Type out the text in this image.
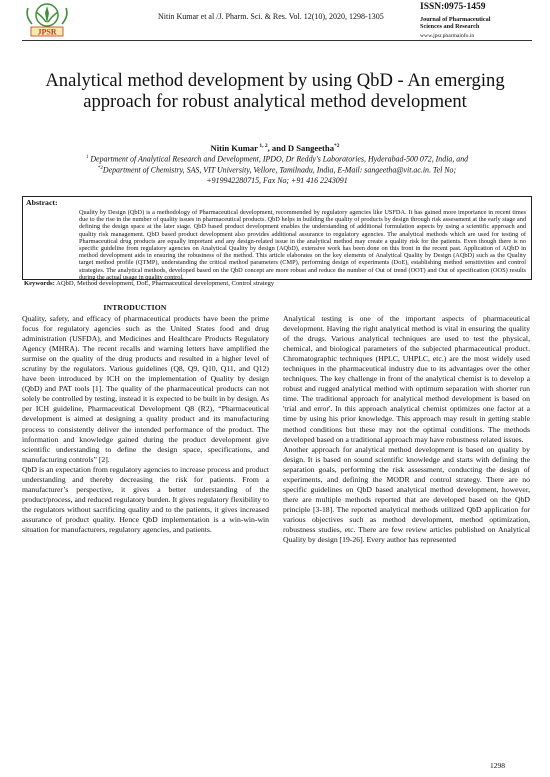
JPSR
Nitin Kumar et al /J. Pharm. Sci. & Res. Vol. 12(10), 2020, 1298-1305
ISSN:0975-1459
Journal of Pharmaceutical
Sciences and Research
www.jpsr.pharmainfo.in
Analytical method development by using QbD - An emerging approach for robust analytical method development
Nitin Kumar $^{1, 2}$, and D Sangeetha$^{*2}$
$^1$ Department of Analytical Research and Development, IPDO, Dr Reddy's Laboratories, Hyderabad-500 072, India, and
$^{*2}$Department of Chemistry, SAS, VIT University, Vellore, Tamilnadu, India, E-Mail: sangeetha@vit.ac.in. Tel No;
+919942280715, Fax No; +91 416 2243091
Abstract:
Quality by Design (QbD) is a methodology of Pharmaceutical development, recommended by regulatory agencies like USFDA. It has gained more importance in recent times due to the rise in the number of quality issues in pharmaceutical products. QbD helps in building the quality of products by design through risk assessment at the early stage and defining the design space at the later stage. QbD based product development enables the understanding of additional formulation aspects by using a scientific approach and quality risk management. QbD based product development also provides additional assurance to regulatory agencies. The analytical methods which are used for testing of Pharmaceutical drug products are equally important and any design-related issue in the analytical method may create a quality risk for the patients. Even though there is no specific guideline from regulatory agencies on Analytical Quality by design (AQbD), extensive work has been done on this front in the recent past. Application of AQbD in method development aids in ensuring the robustness of the method. This article elaborates on the key elements of Analytical Quality by Design (AQbD) such as the Quality target method profile (QTMP), understanding the critical method parameters (CMP), performing design of experiments (DoE), establishing method sensitivities and control strategies. The analytical methods, developed based on the QbD concept are more robust and reduce the number of Out of trend (OOT) and Out of specification (OOS) results during the actual usage in quality control.
Keywords: AQbD, Method development, DoE, Pharmaceutical development, Control strategy
INTRODUCTION

Quality, safety, and efficacy of pharmaceutical products have been the prime focus for regulatory agencies such as the United States food and drug administration (USFDA), and Medicines and Healthcare Products Regulatory Agency (MHRA). The recent recalls and warning letters have amplified the surmise on the quality of the drug products and resulted in a higher level of scrutiny by the regulators. Various guidelines (Q8, Q9, Q10, Q11, and Q12) have been introduced by ICH on the implementation of Quality by design (QbD) and PAT tools [1]. The quality of the pharmaceutical products can not solely be controlled by testing, instead it is expected to be built in by design. As per ICH guideline, Pharmaceutical Development Q8 (R2), “Pharmaceutical development is aimed at designing a quality product and its manufacturing process to consistently deliver the intended performance of the product. The information and knowledge gained during the product development give scientific understanding to define the design space, specifications, and manufacturing controls” [2].

QbD is an expectation from regulatory agencies to increase process and product understanding and thereby decreasing the risk for patients. From a manufacturer’s perspective, it gives a better understanding of the product/process, and reduced regulatory burden. It gives regulatory flexibility to the regulators without sacrificing quality and to the patients, it gives increased assurance of product quality. Hence QbD implementation is a win-win-win situation for manufacturers, regulatory agencies, and patients.

Analytical testing is one of the important aspects of pharmaceutical development. Having the right analytical method is vital in ensuring the quality of the drugs. Various analytical techniques are used to test the physical, chemical, and biological parameters of the subjected pharmaceutical product. Chromatographic techniques (HPLC, UHPLC, etc.) are the most widely used techniques in the pharmaceutical industry due to its advantages over the other techniques. The key challenge in front of the analytical chemist is to develop a robust and rugged analytical method with optimum separation with shorter run time. The traditional approach for analytical method development is based on 'trial and error'. In this approach analytical chemist optimizes one factor at a time by using his prior knowledge. This approach may result in getting stable method conditions but these may not the optimal conditions. The methods developed based on a traditional approach may have robustness related issues.

Another approach for analytical method development is based on quality by design. It is based on sound scientific knowledge and starts with defining the separation goals, performing the risk assessment, conducting the design of experiments, and defining the MODR and control strategy. There are no specific guidelines on QbD based analytical method development, however, there are multiple methods reported that are developed based on the QbD principle [3-18]. The reported analytical methods utilized QbD application for various objectives such as method development, method optimization, robustness studies, etc. There are few review articles published on Analytical Quality by design [19-26]. Every author has represented

1298
